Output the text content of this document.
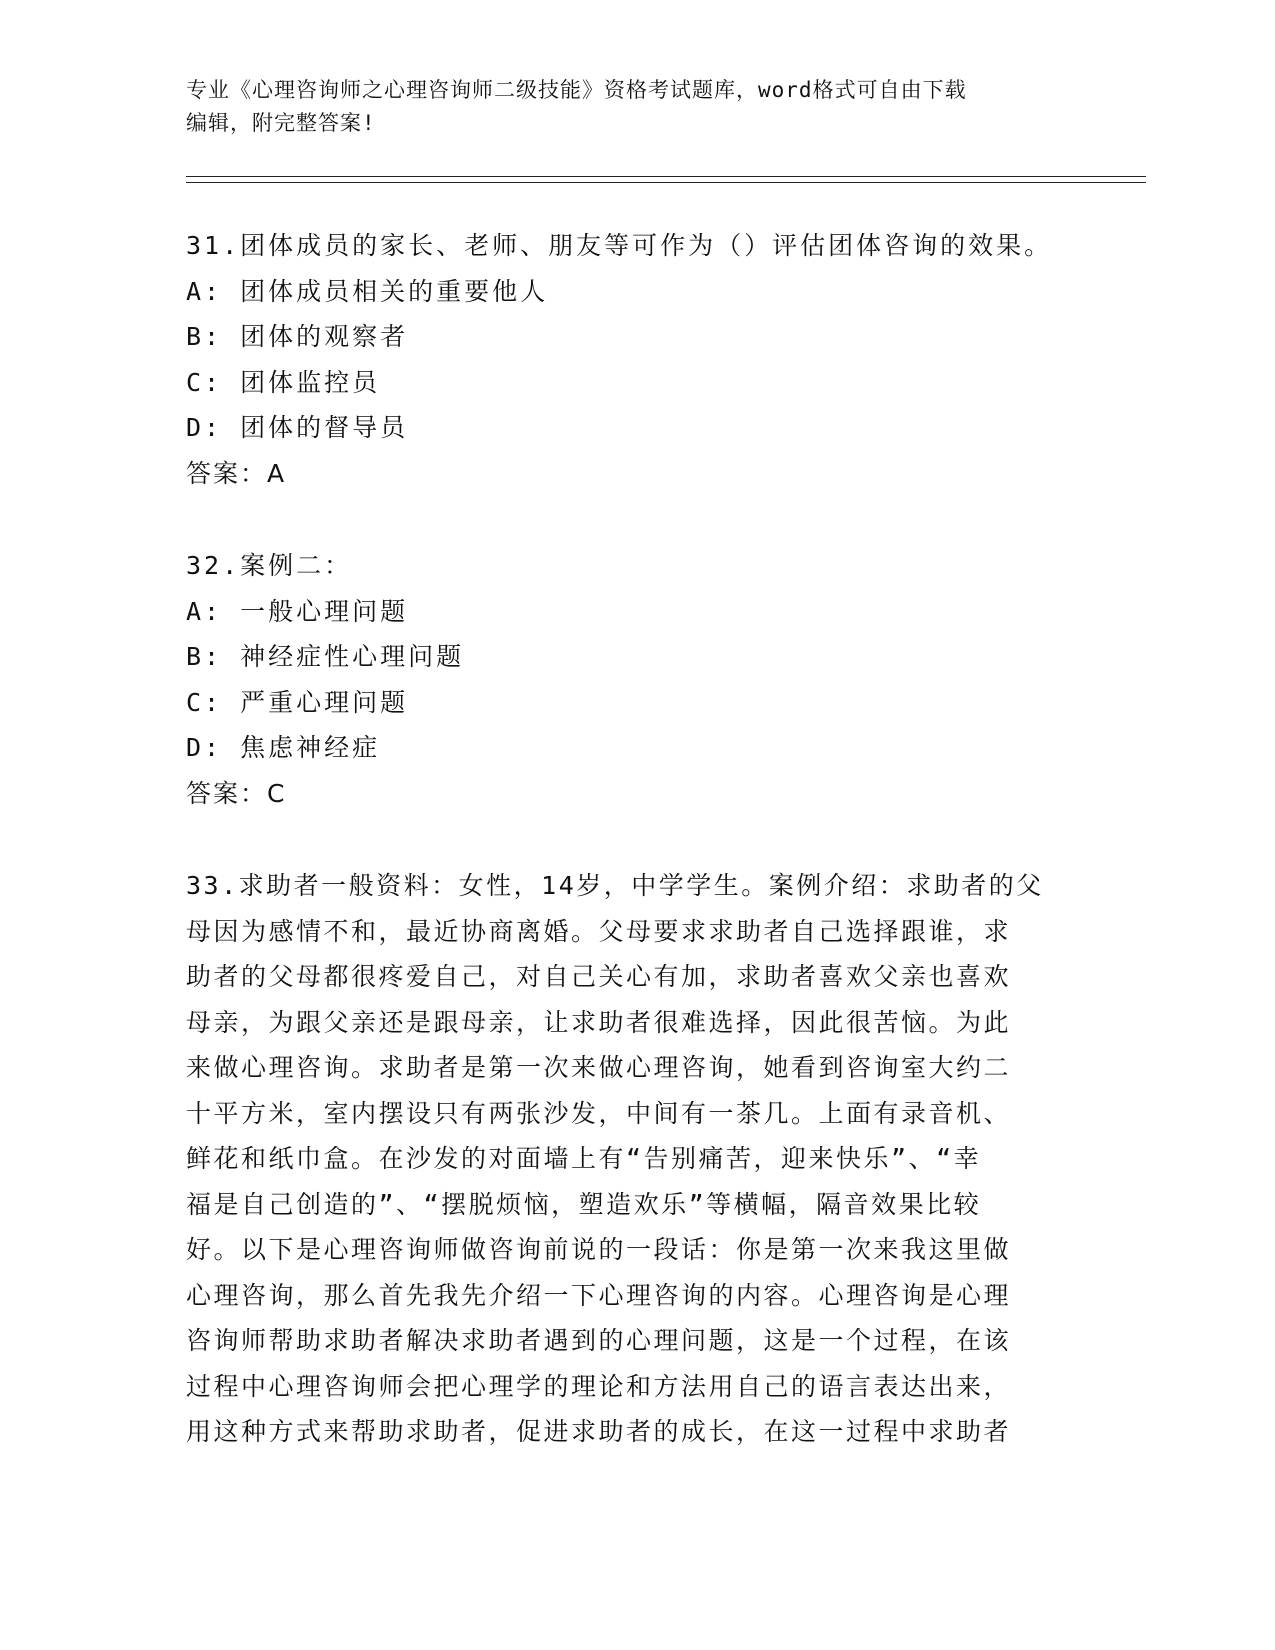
专业《心理咨询师之心理咨询师二级技能》资格考试题库，word格式可自由下载

编辑，附完整答案!

31.团体成员的家长、老师、朋友等可作为（）评估团体咨询的效果。
A: 团体成员相关的重要他人
B: 团体的观察者
C: 团体监控员
D: 团体的督导员
答案：A
32.案例二：
A: 一般心理问题
B: 神经症性心理问题
C: 严重心理问题
D: 焦虑神经症
答案：C

33.求助者一般资料：女性，14岁，中学学生。案例介绍：求助者的父

母因为感情不和，最近协商离婚。父母要求求助者自己选择跟谁，求

助者的父母都很疼爱自己，对自己关心有加，求助者喜欢父亲也喜欢

母亲，为跟父亲还是跟母亲，让求助者很难选择，因此很苦恼。为此

来做心理咨询。求助者是第一次来做心理咨询，她看到咨询室大约二

十平方米，室内摆设只有两张沙发，中间有一茶几。上面有录音机、

鲜花和纸巾盒。在沙发的对面墙上有“告别痛苦，迎来快乐”、“幸

福是自己创造的”、“摆脱烦恼，塑造欢乐”等横幅，隔音效果比较

好。以下是心理咨询师做咨询前说的一段话：你是第一次来我这里做

心理咨询，那么首先我先介绍一下心理咨询的内容。心理咨询是心理

咨询师帮助求助者解决求助者遇到的心理问题，这是一个过程，在该

过程中心理咨询师会把心理学的理论和方法用自己的语言表达出来，

用这种方式来帮助求助者，促进求助者的成长，在这一过程中求助者
